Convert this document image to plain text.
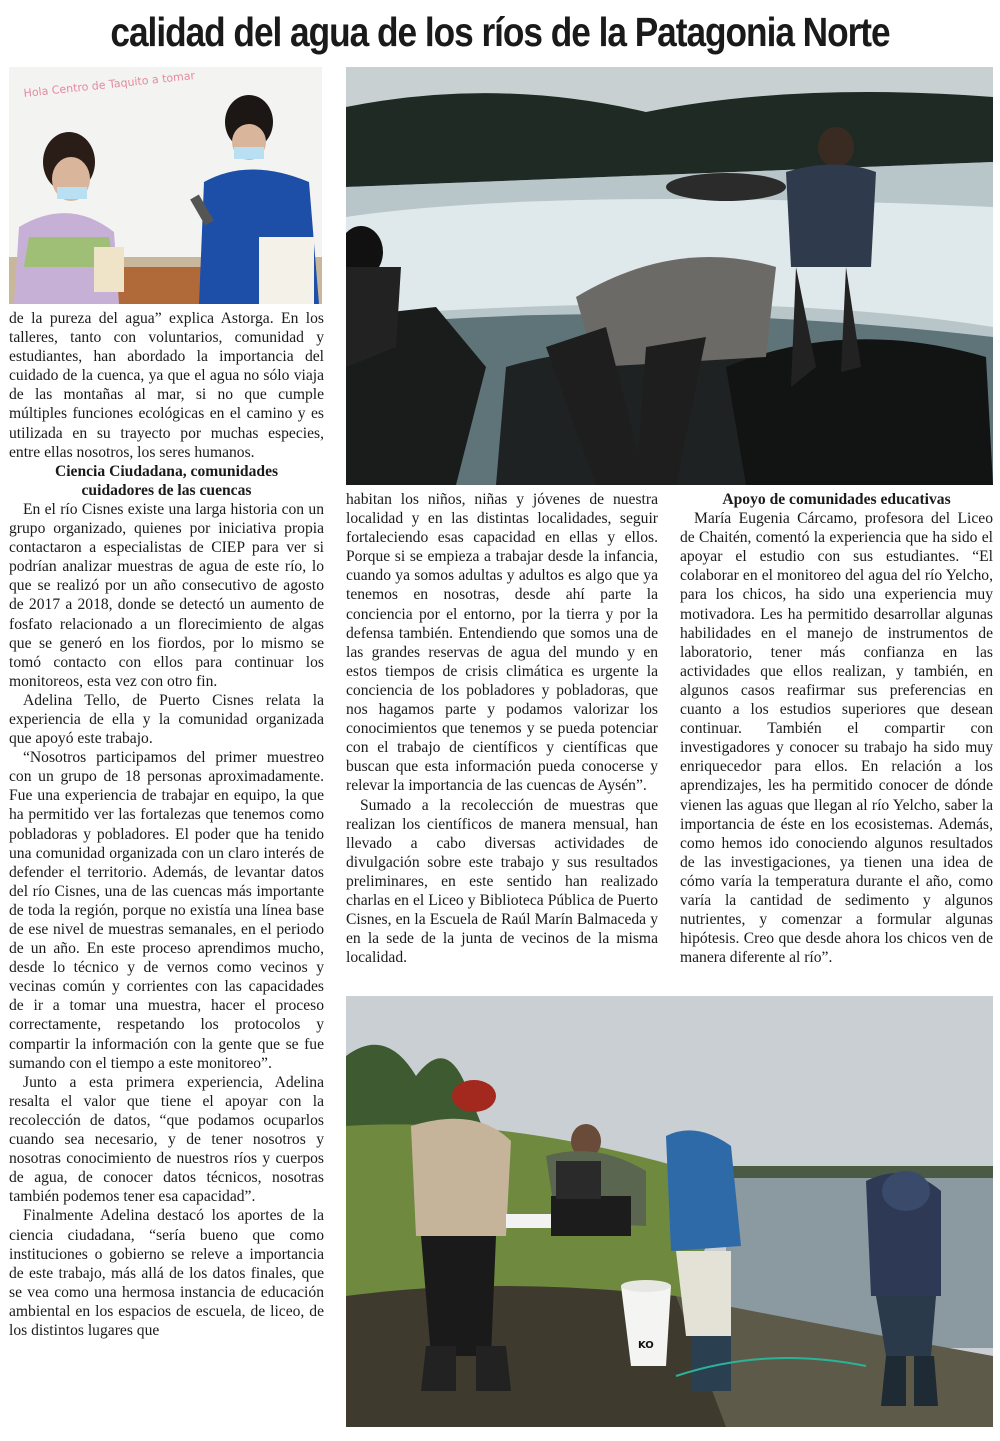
calidad del agua de los ríos de la Patagonia Norte
Hola Centro de Taquito a tomar

de la pureza del agua” explica Astorga. En los talleres, tanto con voluntarios, comunidad y estudiantes, han abordado la importancia del cuidado de la cuenca, ya que el agua no sólo viaja de las montañas al mar, si no que cumple múltiples funciones ecológicas en el camino y es utilizada en su trayecto por muchas especies, entre ellas nosotros, los seres humanos.

Ciencia Ciudadana, comunidades cuidadores de las cuencas

En el río Cisnes existe una larga historia con un grupo organizado, quienes por iniciativa propia contactaron a especialistas de CIEP para ver si podrían analizar muestras de agua de este río, lo que se realizó por un año consecutivo de agosto de 2017 a 2018, donde se detectó un aumento de fosfato relacionado a un florecimiento de algas que se generó en los fiordos, por lo mismo se tomó contacto con ellos para continuar los monitoreos, esta vez con otro fin.

Adelina Tello, de Puerto Cisnes relata la experiencia de ella y la comunidad organizada que apoyó este trabajo.

“Nosotros participamos del primer muestreo con un grupo de 18 personas aproximadamente. Fue una experiencia de trabajar en equipo, la que ha permitido ver las fortalezas que tenemos como pobladoras y pobladores. El poder que ha tenido una comunidad organizada con un claro interés de defender el territorio. Además, de levantar datos del río Cisnes, una de las cuencas más importante de toda la región, porque no existía una línea base de ese nivel de muestras semanales, en el periodo de un año. En este proceso aprendimos mucho, desde lo técnico y de vernos como vecinos y vecinas común y corrientes con las capacidades de ir a tomar una muestra, hacer el proceso correctamente, respetando los protocolos y compartir la información con la gente que se fue sumando con el tiempo a este monitoreo”.

Junto a esta primera experiencia, Adelina resalta el valor que tiene el apoyar con la recolección de datos, “que podamos ocuparlos cuando sea necesario, y de tener nosotros y nosotras conocimiento de nuestros ríos y cuerpos de agua, de conocer datos técnicos, nosotras también podemos tener esa capacidad”.

Finalmente Adelina destacó los aportes de la ciencia ciudadana, “sería bueno que como instituciones o gobierno se releve a importancia de este trabajo, más allá de los datos finales, que se vea como una hermosa instancia de educación ambiental en los espacios de escuela, de liceo, de los distintos lugares que

habitan los niños, niñas y jóvenes de nuestra localidad y en las distintas localidades, seguir fortaleciendo esas capacidad en ellas y ellos. Porque si se empieza a trabajar desde la infancia, cuando ya somos adultas y adultos es algo que ya tenemos en nosotras, desde ahí parte la conciencia por el entorno, por la tierra y por la defensa también. Entendiendo que somos una de las grandes reservas de agua del mundo y en estos tiempos de crisis climática es urgente la conciencia de los pobladores y pobladoras, que nos hagamos parte y podamos valorizar los conocimientos que tenemos y se pueda potenciar con el trabajo de científicos y científicas que buscan que esta información pueda conocerse y relevar la importancia de las cuencas de Aysén”.

Sumado a la recolección de muestras que realizan los científicos de manera mensual, han llevado a cabo diversas actividades de divulgación sobre este trabajo y sus resultados preliminares, en este sentido han realizado charlas en el Liceo y Biblioteca Pública de Puerto Cisnes, en la Escuela de Raúl Marín Balmaceda y en la sede de la junta de vecinos de la misma localidad.

Apoyo de comunidades educativas

María Eugenia Cárcamo, profesora del Liceo de Chaitén, comentó la experiencia que ha sido el apoyar el estudio con sus estudiantes. “El colaborar en el monitoreo del agua del río Yelcho, para los chicos, ha sido una experiencia muy motivadora. Les ha permitido desarrollar algunas habilidades en el manejo de instrumentos de laboratorio, tener más confianza en las actividades que ellos realizan, y también, en algunos casos reafirmar sus preferencias en cuanto a los estudios superiores que desean continuar. También el compartir con investigadores y conocer su trabajo ha sido muy enriquecedor para ellos. En relación a los aprendizajes, les ha permitido conocer de dónde vienen las aguas que llegan al río Yelcho, saber la importancia de éste en los ecosistemas. Además, como hemos ido conociendo algunos resultados de las investigaciones, ya tienen una idea de cómo varía la temperatura durante el año, como varía la cantidad de sedimento y algunos nutrientes, y comenzar a formular algunas hipótesis. Creo que desde ahora los chicos ven de manera diferente al río”.

KO
